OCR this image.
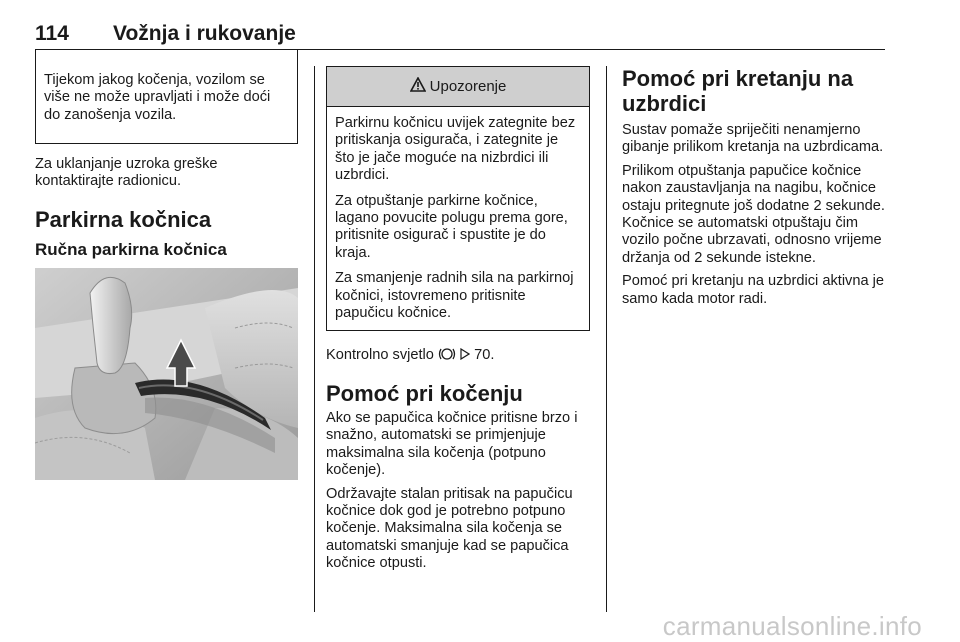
114 Vožnja i rukovanje
Tijekom jakog kočenja, vozilom se više ne može upravljati i može doći do zanošenja vozila.

Za uklanjanje uzroka greške kontaktirajte radionicu.

Parkirna kočnica
Ručna parkirna kočnica
Upozorenje

Parkirnu kočnicu uvijek zategnite bez pritiskanja osigurača, i zategnite je što je jače moguće na nizbrdici ili uzbrdici.

Za otpuštanje parkirne kočnice, lagano povucite polugu prema gore, pritisnite osigurač i spustite je do kraja.

Za smanjenje radnih sila na parkirnoj kočnici, istovremeno pritisnite papučicu kočnice.

Kontrolno svjetlo	70.

Pomoć pri kočenju

Ako se papučica kočnice pritisne brzo i snažno, automatski se primjenjuje maksimalna sila kočenja (potpuno kočenje).

Održavajte stalan pritisak na papučicu kočnice dok god je potrebno potpuno kočenje. Maksimalna sila kočenja se automatski smanjuje kad se papučica kočnice otpusti.

Pomoć pri kretanju na uzbrdici

Sustav pomaže spriječiti nenamjerno gibanje prilikom kretanja na uzbrdicama.

Prilikom otpuštanja papučice kočnice nakon zaustavljanja na nagibu, kočnice ostaju pritegnute još dodatne 2 sekunde. Kočnice se automatski otpuštaju čim vozilo počne ubrzavati, odnosno vrijeme držanja od 2 sekunde istekne.

Pomoć pri kretanju na uzbrdici aktivna je samo kada motor radi.

carmanualsonline.info
